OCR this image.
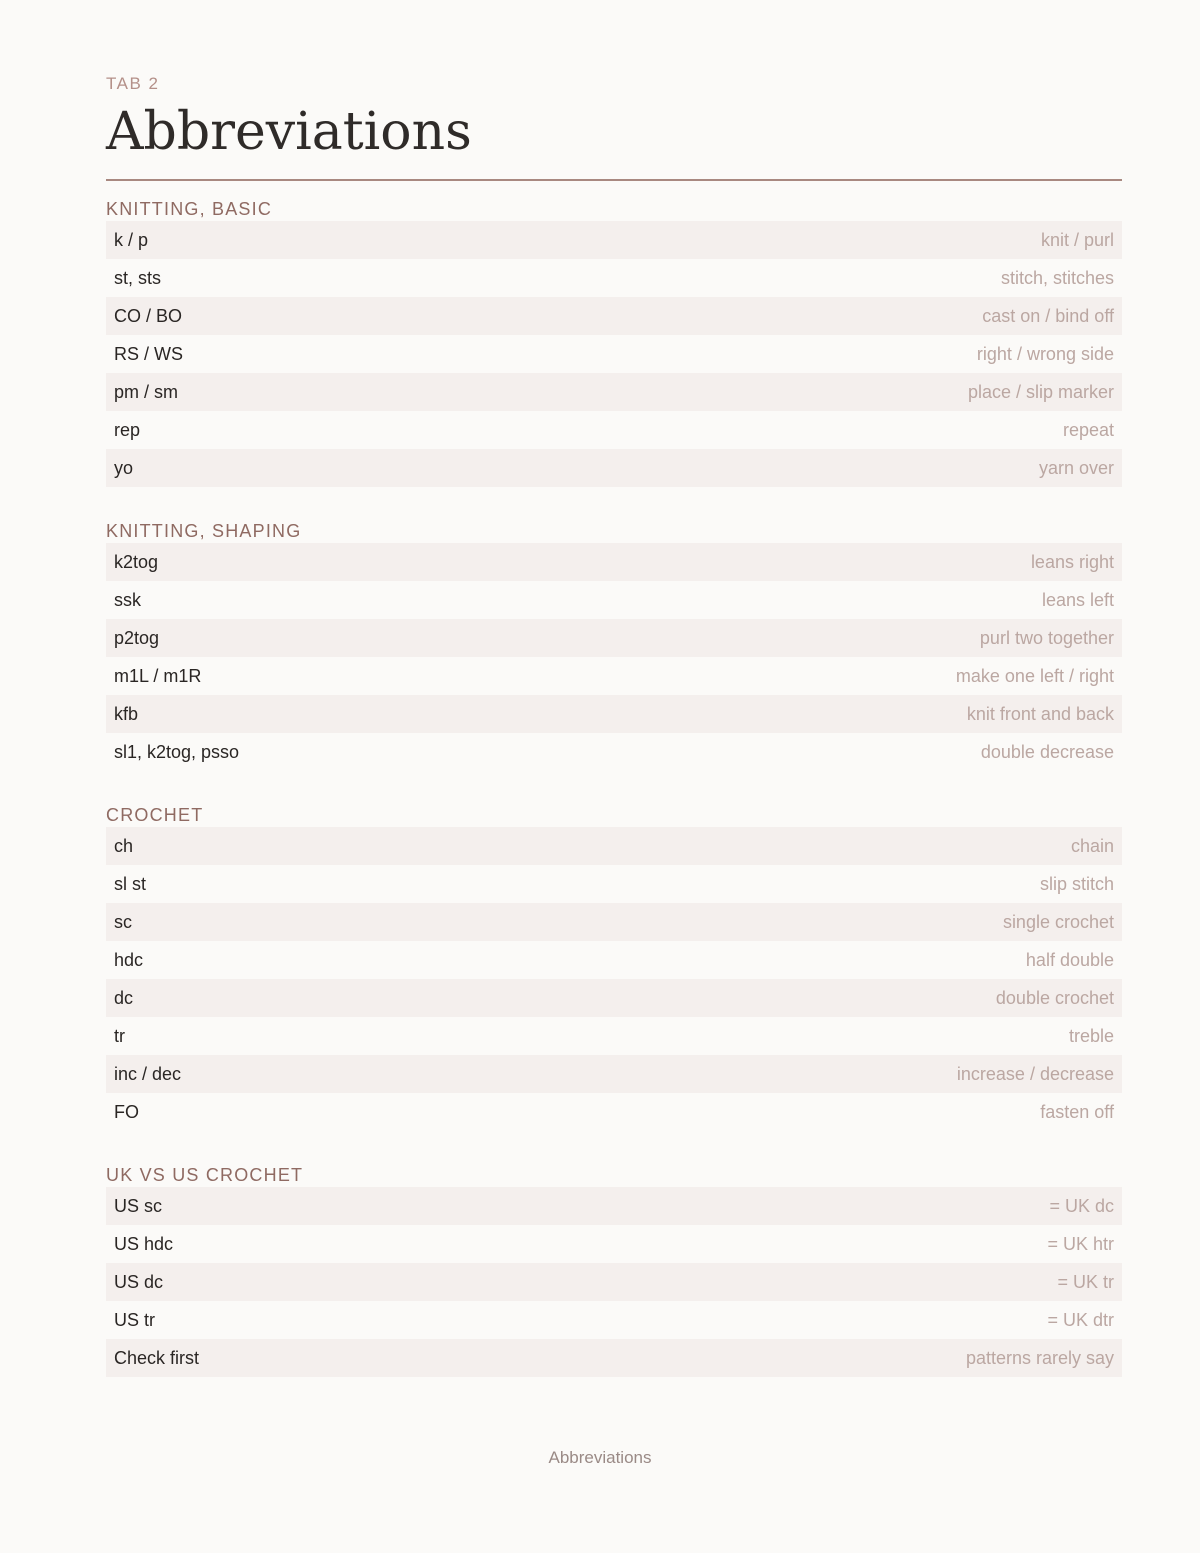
TAB 2
Abbreviations
KNITTING, BASIC
k / p	knit / purl
st, sts	stitch, stitches
CO / BO	cast on / bind off
RS / WS	right / wrong side
pm / sm	place / slip marker
rep	repeat
yo	yarn over
KNITTING, SHAPING
k2tog	leans right
ssk	leans left
p2tog	purl two together
m1L / m1R	make one left / right
kfb	knit front and back
sl1, k2tog, psso	double decrease
CROCHET
ch	chain
sl st	slip stitch
sc	single crochet
hdc	half double
dc	double crochet
tr	treble
inc / dec	increase / decrease
FO	fasten off
UK VS US CROCHET
US sc	= UK dc
US hdc	= UK htr
US dc	= UK tr
US tr	= UK dtr
Check first	patterns rarely say
Abbreviations
